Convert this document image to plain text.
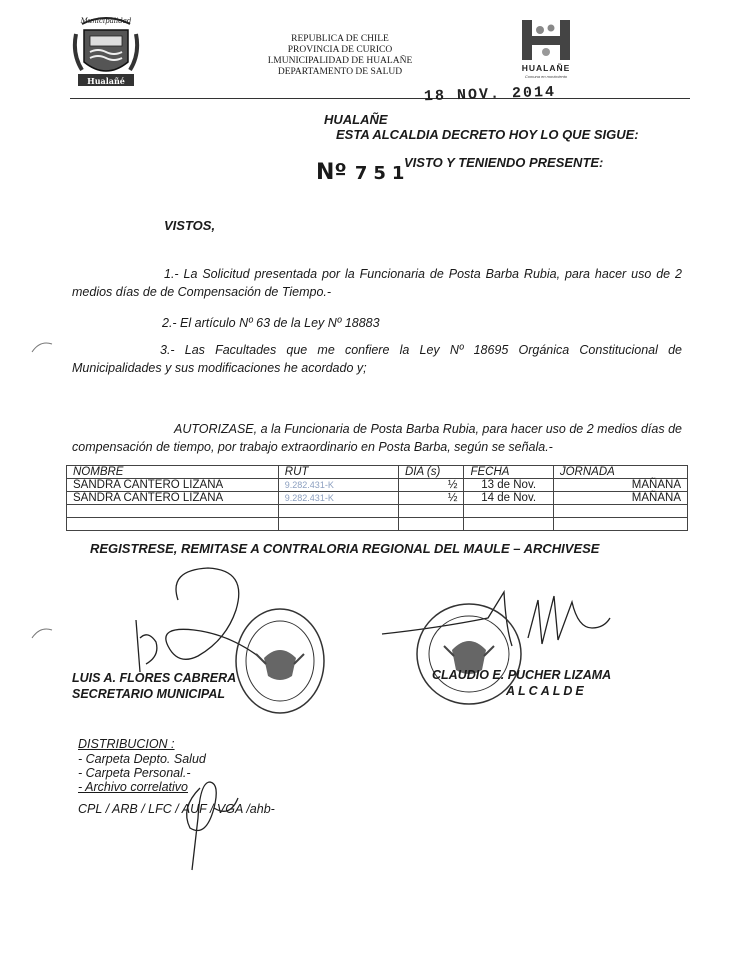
Municipalidad
Hualañé
REPUBLICA DE CHILE
PROVINCIA DE CURICO
I.MUNICIPALIDAD DE HUALAÑE
DEPARTAMENTO DE SALUD	HUALAÑE
Comuna en movimiento
18 NOV. 2014
HUALAÑE
ESTA ALCALDIA DECRETO HOY LO QUE SIGUE:
Nº 751
VISTO Y TENIENDO PRESENTE:
VISTOS,
1.- La Solicitud presentada por la Funcionaria de Posta Barba Rubia, para hacer uso de 2 medios días de de Compensación de Tiempo.-
2.- El artículo Nº 63 de la Ley Nº 18883
3.- Las Facultades que me confiere la Ley Nº 18695 Orgánica Constitucional de Municipalidades y sus modificaciones he acordado y;
AUTORIZASE, a la Funcionaria de Posta Barba Rubia, para hacer uso de 2 medios días de compensación de tiempo, por trabajo extraordinario en Posta Barba, según se señala.-
NOMBRE	RUT	DIA (s)	FECHA	JORNADA
SANDRA CANTERO LIZANA	9.282.431-K	½	13 de Nov.	MAÑANA
SANDRA CANTERO LIZANA	9.282.431-K	½	14 de Nov.	MAÑANA

REGISTRESE, REMITASE A CONTRALORIA REGIONAL DEL MAULE – ARCHIVESE
LUIS A. FLORES CABRERA
SECRETARIO MUNICIPAL
CLAUDIO E. PUCHER LIZAMA
ALCALDE
DISTRIBUCION :
- Carpeta Depto. Salud
- Carpeta Personal.-
- Archivo correlativo
CPL / ARB / LFC / AUF / VGA /ahb-
